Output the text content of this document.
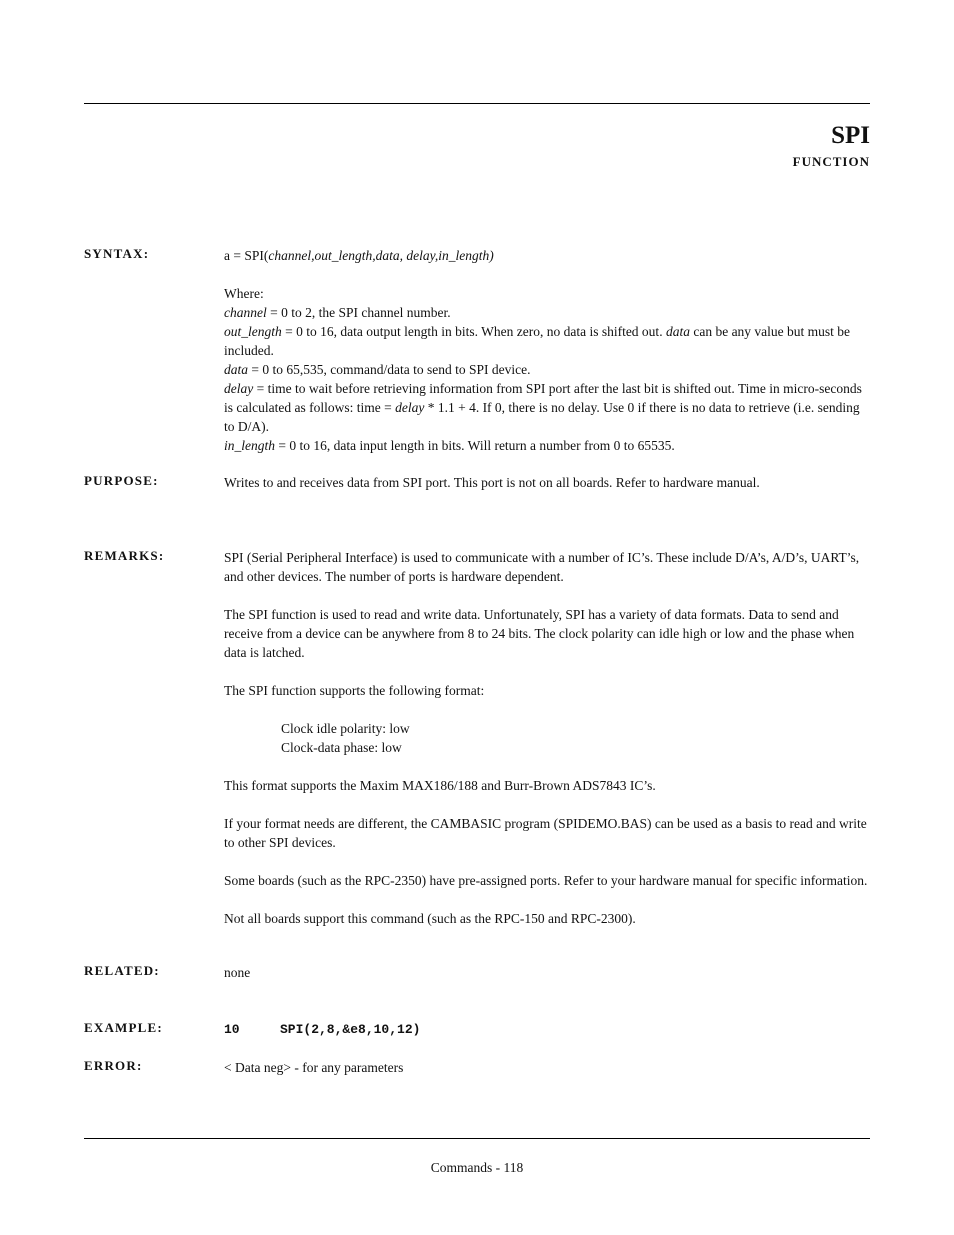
SPI
FUNCTION
SYNTAX:	a = SPI(channel,out_length,data, delay,in_length)

Where:

channel = 0 to 2, the SPI channel number.

out_length = 0 to 16, data output length in bits. When zero, no data is shifted out. data can be any value but must be included.

data = 0 to 65,535, command/data to send to SPI device.

delay = time to wait before retrieving information from SPI port after the last bit is shifted out. Time in micro-seconds is calculated as follows: time = delay * 1.1 + 4. If 0, there is no delay. Use 0 if there is no data to retrieve (i.e. sending to D/A).

in_length = 0 to 16, data input length in bits. Will return a number from 0 to 65535.

PURPOSE:	Writes to and receives data from SPI port. This port is not on all boards. Refer to hardware manual.

REMARKS:	SPI (Serial Peripheral Interface) is used to communicate with a number of IC’s. These include D/A’s, A/D’s, UART’s, and other devices. The number of ports is hardware dependent.

The SPI function is used to read and write data. Unfortunately, SPI has a variety of data formats. Data to send and receive from a device can be anywhere from 8 to 24 bits. The clock polarity can idle high or low and the phase when data is latched.

The SPI function supports the following format:

Clock idle polarity: low

Clock-data phase: low

This format supports the Maxim MAX186/188 and Burr-Brown ADS7843 IC’s.

If your format needs are different, the CAMBASIC program (SPIDEMO.BAS) can be used as a basis to read and write to other SPI devices.

Some boards (such as the RPC-2350) have pre-assigned ports. Refer to your hardware manual for specific information.

Not all boards support this command (such as the RPC-150 and RPC-2300).

RELATED:	none

EXAMPLE:	10	SPI(2,8,&e8,10,12)

ERROR:	< Data neg> - for any parameters

Commands - 118
